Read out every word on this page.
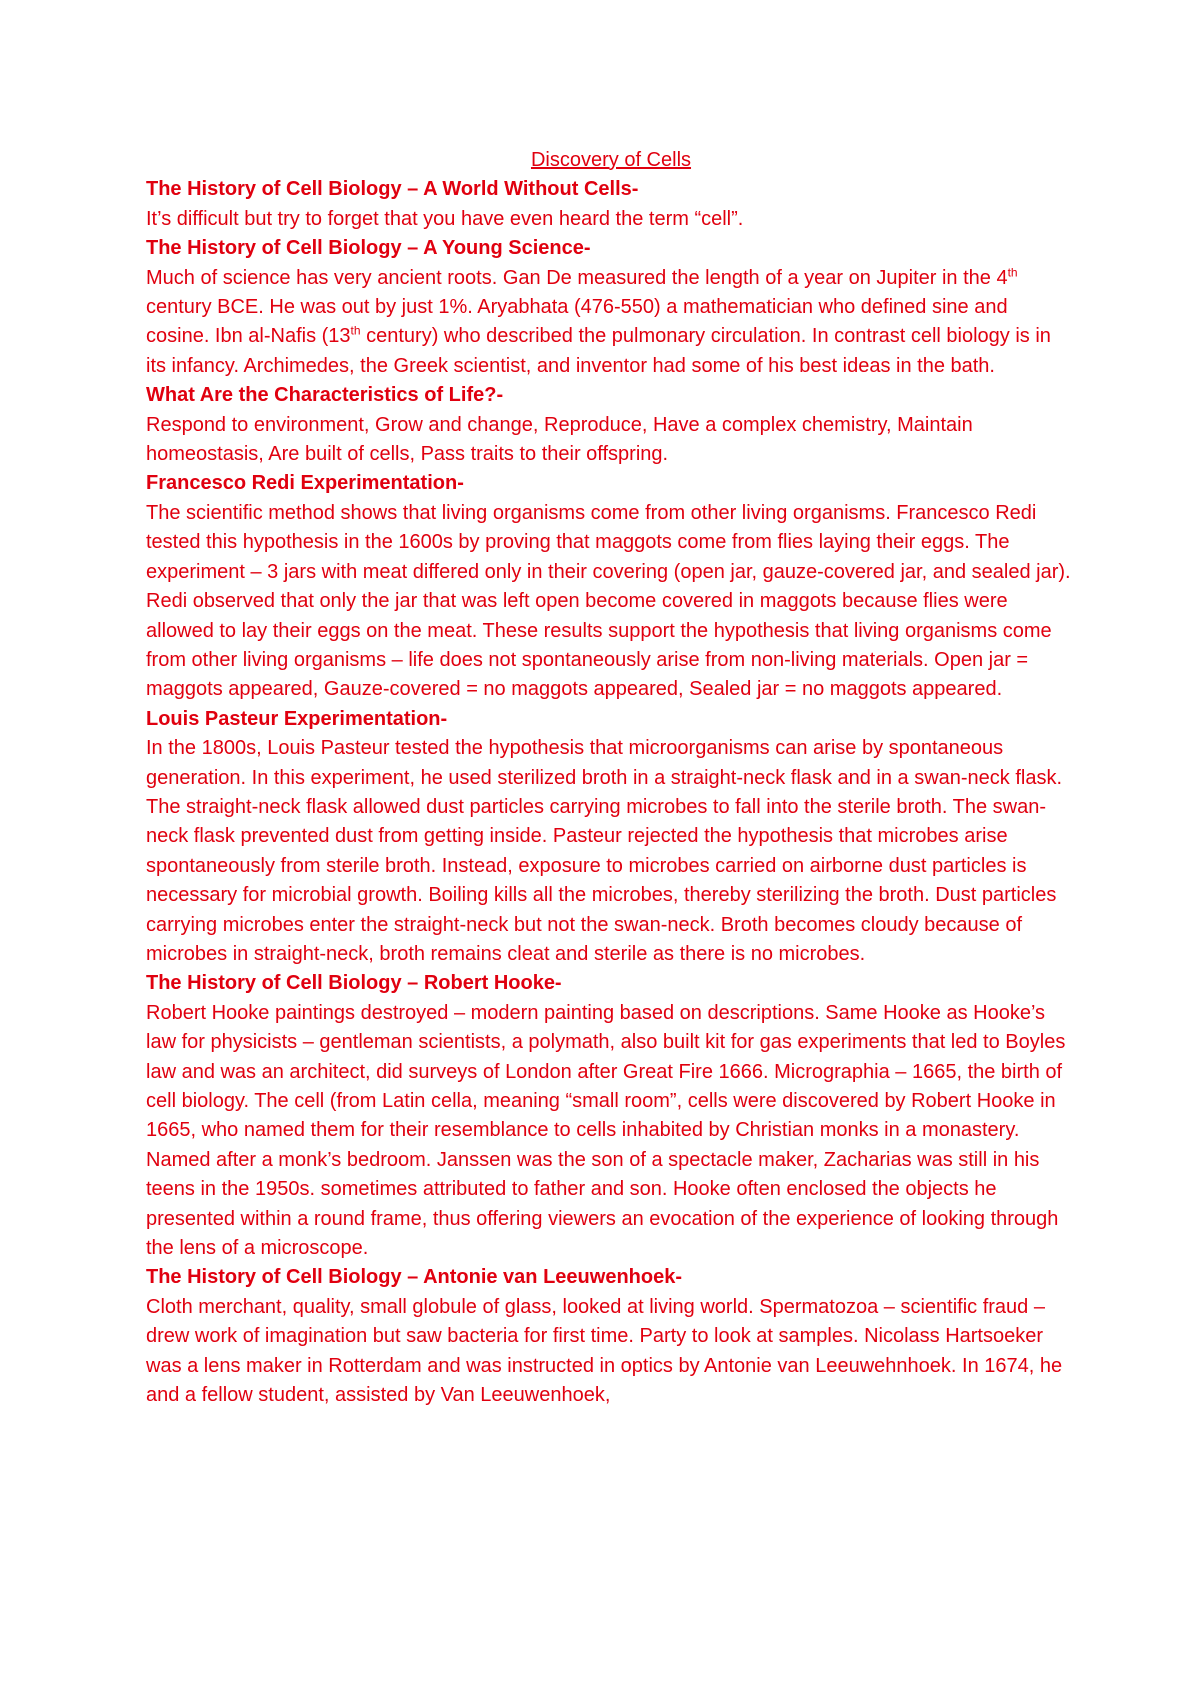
Discovery of Cells

The History of Cell Biology – A World Without Cells-

It’s difficult but try to forget that you have even heard the term “cell”.

The History of Cell Biology – A Young Science-

Much of science has very ancient roots. Gan De measured the length of a year on Jupiter in the 4th century BCE. He was out by just 1%. Aryabhata (476-550) a mathematician who defined sine and cosine. Ibn al-Nafis (13th century) who described the pulmonary circulation. In contrast cell biology is in its infancy. Archimedes, the Greek scientist, and inventor had some of his best ideas in the bath.

What Are the Characteristics of Life?-

Respond to environment, Grow and change, Reproduce, Have a complex chemistry, Maintain homeostasis, Are built of cells, Pass traits to their offspring.

Francesco Redi Experimentation-

The scientific method shows that living organisms come from other living organisms. Francesco Redi tested this hypothesis in the 1600s by proving that maggots come from flies laying their eggs. The experiment – 3 jars with meat differed only in their covering (open jar, gauze-covered jar, and sealed jar). Redi observed that only the jar that was left open become covered in maggots because flies were allowed to lay their eggs on the meat. These results support the hypothesis that living organisms come from other living organisms – life does not spontaneously arise from non-living materials. Open jar = maggots appeared, Gauze-covered = no maggots appeared, Sealed jar = no maggots appeared.

Louis Pasteur Experimentation-

In the 1800s, Louis Pasteur tested the hypothesis that microorganisms can arise by spontaneous generation. In this experiment, he used sterilized broth in a straight-neck flask and in a swan-neck flask. The straight-neck flask allowed dust particles carrying microbes to fall into the sterile broth. The swan-neck flask prevented dust from getting inside. Pasteur rejected the hypothesis that microbes arise spontaneously from sterile broth. Instead, exposure to microbes carried on airborne dust particles is necessary for microbial growth. Boiling kills all the microbes, thereby sterilizing the broth. Dust particles carrying microbes enter the straight-neck but not the swan-neck. Broth becomes cloudy because of microbes in straight-neck, broth remains cleat and sterile as there is no microbes.

The History of Cell Biology – Robert Hooke-

Robert Hooke paintings destroyed – modern painting based on descriptions. Same Hooke as Hooke’s law for physicists – gentleman scientists, a polymath, also built kit for gas experiments that led to Boyles law and was an architect, did surveys of London after Great Fire 1666. Micrographia – 1665, the birth of cell biology. The cell (from Latin cella, meaning “small room”, cells were discovered by Robert Hooke in 1665, who named them for their resemblance to cells inhabited by Christian monks in a monastery. Named after a monk’s bedroom. Janssen was the son of a spectacle maker, Zacharias was still in his teens in the 1950s. sometimes attributed to father and son. Hooke often enclosed the objects he presented within a round frame, thus offering viewers an evocation of the experience of looking through the lens of a microscope.

The History of Cell Biology – Antonie van Leeuwenhoek-

Cloth merchant, quality, small globule of glass, looked at living world. Spermatozoa – scientific fraud – drew work of imagination but saw bacteria for first time. Party to look at samples. Nicolass Hartsoeker was a lens maker in Rotterdam and was instructed in optics by Antonie van Leeuwehnhoek. In 1674, he and a fellow student, assisted by Van Leeuwenhoek,
